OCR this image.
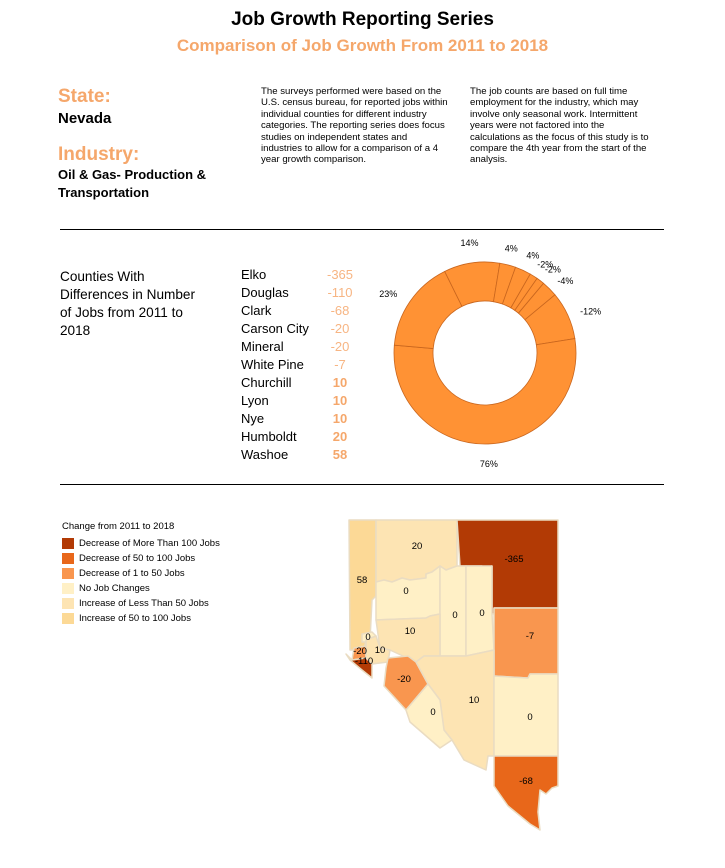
Job Growth Reporting Series
Comparison of Job Growth From 2011 to 2018
State:
Nevada
Industry:
Oil & Gas- Production &
Transportation
The surveys performed were based on the U.S. census bureau, for reported jobs within individual counties for different industry categories. The reporting series does focus studies on independent states and industries to allow for a comparison of a 4 year growth comparison.
The job counts are based on full time employment for the industry, which may involve only seasonal work. Intermittent years were not factored into the calculations as the focus of this study is to compare the 4th year from the start of the analysis.
Counties With Differences in Number of Jobs from 2011 to 2018
Elko	-365
Douglas	-110
Clark	-68
Carson City	-20
Mineral	-20
White Pine	-7
Churchill	10
Lyon	10
Nye	10
Humboldt	20
Washoe	58
14%
4%
4%
-2%
-2%
-4%
-12%
76%
23%
Change from 2011 to 2018
Decrease of More Than 100 Jobs
Decrease of 50 to 100 Jobs
Decrease of 1 to 50 Jobs
No Job Changes
Increase of Less Than 50 Jobs
Increase of 50 to 100 Jobs
20
-365
58
0
0 0
10
0	-7
-20
10
-110
-20
10
0	0
-68
